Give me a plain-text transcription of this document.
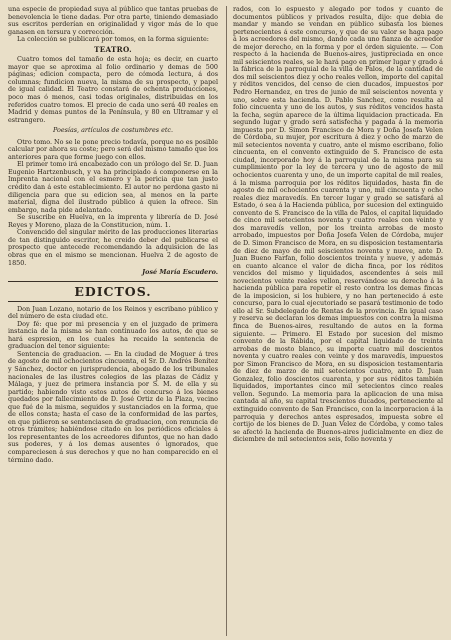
una especie de propiedad suya al público que tantas pruebas de benevolencia le tiene dadas. Por otra parte, tiniendo demasiado sus escritos perderían en originalidad y vigor más de lo que ganasen en tersura y corrección.

La colección se publicará por tomos, en la forma siguiente:

TEATRO.

Cuatro tomos del tamaño de esta hoja; es decir, en cuarto mayor que se aproxima al folio ordinario y demas de 500 páginas; edicion compacta, pero de cómoda lectura, á dos columnas; fundicion nueva, la misma de su prospecto, y papel de igual calidad. El Teatro constará de ochenta producciones, poco mas ó menos, casi todas originales, distribuidas en los referidos cuatro tomos. El precio de cada uno será 40 reales en Madrid y demas puntos de la Península, y 80 en Ultramar y el estrangero.

Poesías, artículos de costumbres etc.

Otro tomo. No se le pone precio todavía, porque no es posible calcular por ahora su coste; pero será del mismo tamaño que los anteriores para que forme juego con ellos.

El primer tomo irá encabezado con un prólogo del Sr. D. Juan Eugenio Hartzenbusch, y va ha principiado á componerse en la Imprenta nacional con el esmero y la pericia que tan justo crédito dan á este establecimiento. El autor no perdona gasto ni diligencia para que su edicion sea, al menos en la parte material, digna del ilustrado público á quien la ofrece. Sin embargo, nada pide adelantado.

Se suscribe en Huelva, en la imprenta y librería de D. José Reyes y Moreno, plaza de la Constitucion, núm. 1.

Convencido del singular mérito de las producciones literarias de tan distinguido escritor, he creido deber del publicarse el prospecto que antecede recomendando la adquisicion de las obras que en el mismo se mencionan. Huelva 2 de agosto de 1850.

José María Escudero.
EDICTOS.

Don Juan Lozano, notario de los Reinos y escribano público y del número de esta ciudad etc.

Doy fé: que por mi presencia y en el juzgado de primera instancia de la misma se han continuado los autos, de que se hará espresion, en los cuales ha recaido la sentencia de graduacion del tenor siguiente:

Sentencia de graduacion. — En la ciudad de Moguer á tres de agosto de mil ochocientos cincuenta, el Sr. D. Andrés Benítez y Sánchez, doctor en jurisprudencia, abogado de los tribunales nacionales de las ilustres colegios de las plazas de Cádiz y Málaga, y juez de primera instancia por S. M. de ella y su partido; habiendo visto estos autos de concurso á los bienes quedados por fallecimiento de D. José Ortiz de la Plaza, vecino que fué de la misma, seguidos y sustanciados en la forma, que de ellos consta; hasta el caso de la conformidad de las partes, en que pidieron se sentenciasen de graduacion, con renuncia de otros trámites; habiéndose citado en los periódicos oficiales á los representantes de los acreedores difuntos, que no han dado sus poderes, y á los demas ausentes ó ignorados, que compareciesen á sus derechos y que no han comparecido en el término dado.

rados, con lo espuesto y alegado por todos y cuanto de documentos públicos y privados resulta, dijo: que debia de mandar y mando se vendan en público subasta los bienes pertenecientes á este concurso, y que de su valor se haga pago á los acreedores del mismo, dando cada uno fianza de acreedor de mejor derecho, en la forma y por el órden siguiente. — Con respecto á la hacienda de Buenos-aires, justipreciada en once mil seiscientos reales, se le hará pago en primer lugar y grado á la fábrica de la parroquial de la villa de Palos, de la cantidad de dos mil seiscientos diez y ocho reales vellon, importe del capital y réditos vencidos, del censo de cien ducados, impuestos por Pedro Hernandez, en tres de junio de mil seiscientos noventa y uno, sobre esta hacienda. D. Pablo Sanchez, como resulta al folio cincuenta y uno de los autos, y sus réditos vencidos hasta la fecha, según aparece de la última liquidacion practicada. En segundo lugar y grado será satisfecha y pagada á la memoria impuesta por D. Simon Francisco de Mora y Doña Josefa Velen de Córdoba, su mujer, por escritura á diez y ocho de marzo de mil setecientos noventa y cuatro, ante el mismo escribano, folio cincuenta, en el convento extinguido de S. Francisco de esta ciudad, incorporado hoy á la parroquial de la misma para su cumplimiento por la ley de tercera y uno de agosto de mil ochocientos cuarenta y uno, de un importe capital de mil reales, á la misma parroquia por los réditos liquidados, hasta fin de agosto de mil ochocientos cuarenta y uno, mil cincuenta y ocho reales diez maravedís. En tercer lugar y grado se satisfará al Estado, ó sea á la Hacienda pública, por sucesion del extinguido convento de S. Francisco de la villa de Palos, el capital liquidado de cinco mil setecientos noventa y cuatro reales con veinte y dos maravedís vellon, por los treinta arrobas de mosto arrobado, impuestos por Doña Josefa Velen de Córdoba, mujer de D. Simon Francisco de Mora, en su disposicion testamentaria de diez de mayo de mil seiscientos noventa y nueve, ante D. Juan Bueno Farfan, folio doscientos treinta y nueve, y además en cuanto alcance el valor de dicha finca, por los réditos vencidos del mismo y liquidados, ascendentes á seis mil novecientos veinte reales vellon, reservándose su derecho á la hacienda pública para repetir el resto contra los demas fincas de la imposicion, si los hubiere, y no han pertenecido á este concurso, para lo cual ejecutoriado se pasará testimonio de todo ello al Sr. Subdelegado de Rentas de la provincia. En igual caso y reserva se declaran los demas impuestos con contra la misma finca de Buenos-aires, resultando de autos en la forma siguiente. — Primero. El Estado por sucesion del mismo convento de la Rábida, por el capital liquidado de treinta arrobas de mosto blanco, su importe cuatro mil doscientos noventa y cuatro reales con veinte y dos maravedís, impuestos por Simon Francisco de Mora, en su disposicion testamentaria de diez de marzo de mil setecientos cuatro, ante D. Juan Gonzalez, folio doscientos cuarenta, y por sus réditos también liquidados, importantes cinco mil setecientos cinco reales vellon. Segundo. La memoria para la aplicacion de una misa cantada al año, su capital trescientos ducados, perteneciente al extinguido convento de San Francisco, con la incorporacion á la parroquia y derechos antes espresados, impuesta sobre el cortijo de los bienes de D. Juan Velez de Córdoba, y como tales se afectó la hacienda de Buenos-aires judicialmente en diez de diciembre de mil setecientos seis, folio noventa y
